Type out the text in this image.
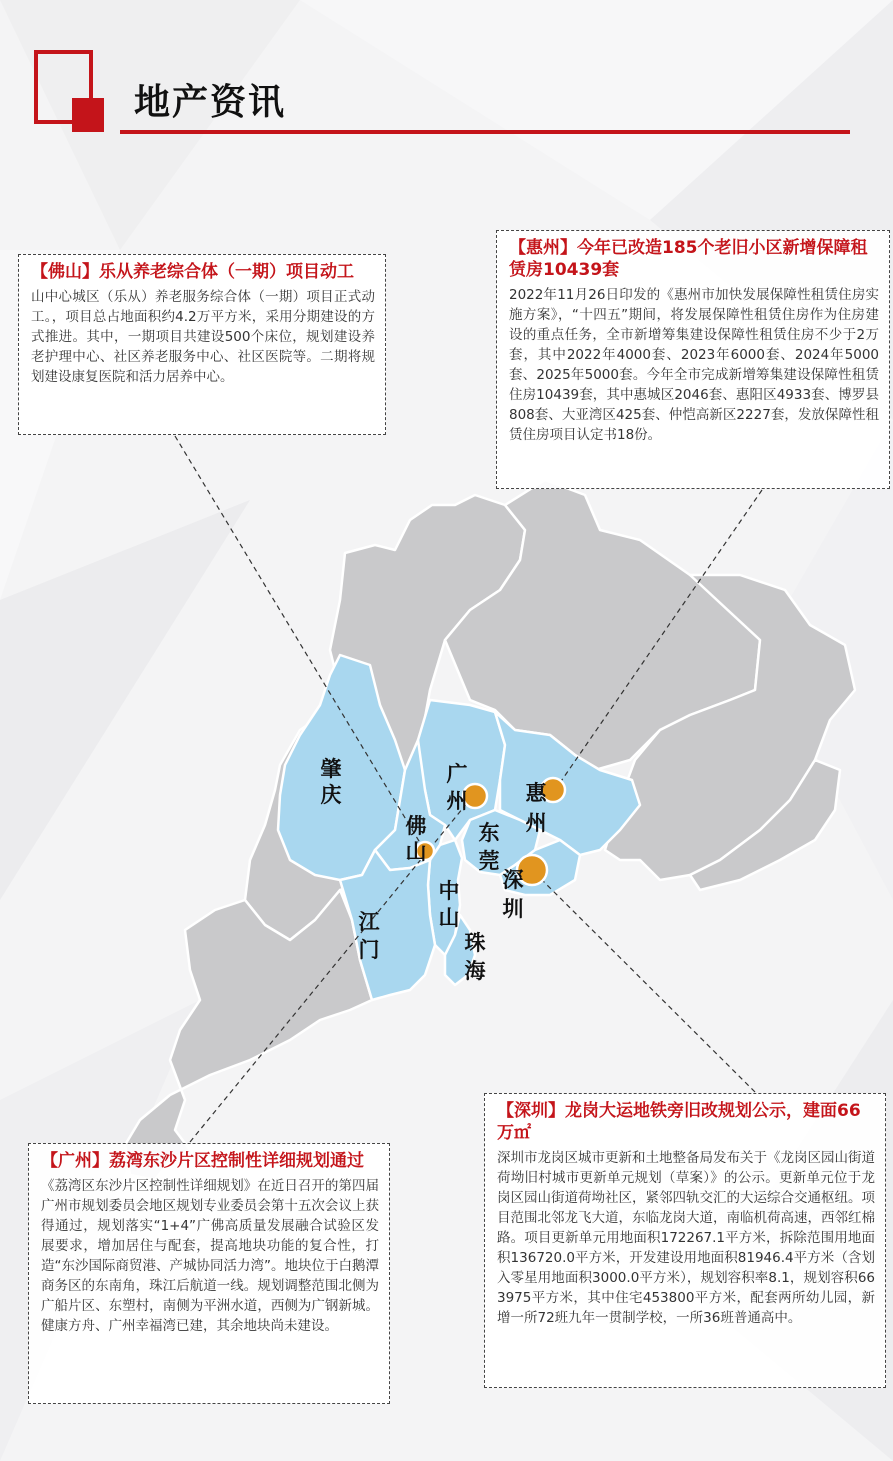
地产资讯
肇
庆
广
州	惠
州
佛
山
东
莞
深
圳
中
山
江
门	珠
海
【佛山】乐从养老综合体（一期）项目动工

山中心城区（乐从）养老服务综合体（一期）项目正式动工。，项目总占地面积约4.2万平方米，采用分期建设的方式推进。其中，一期项目共建设500个床位，规划建设养老护理中心、社区养老服务中心、社区医院等。二期将规划建设康复医院和活力居养中心。

【惠州】今年已改造185个老旧小区新增保障租赁房10439套

2022年11月26日印发的《惠州市加快发展保障性租赁住房实施方案》，“十四五”期间，将发展保障性租赁住房作为住房建设的重点任务，全市新增筹集建设保障性租赁住房不少于2万套，其中2022年4000套、2023年6000套、2024年5000套、2025年5000套。今年全市完成新增筹集建设保障性租赁住房10439套，其中惠城区2046套、惠阳区4933套、博罗县808套、大亚湾区425套、仲恺高新区2227套，发放保障性租赁住房项目认定书18份。

【广州】荔湾东沙片区控制性详细规划通过

《荔湾区东沙片区控制性详细规划》在近日召开的第四届广州市规划委员会地区规划专业委员会第十五次会议上获得通过，规划落实“1+4”广佛高质量发展融合试验区发展要求，增加居住与配套，提高地块功能的复合性，打造“东沙国际商贸港、产城协同活力湾”。地块位于白鹅潭商务区的东南角，珠江后航道一线。规划调整范围北侧为广船片区、东塑村，南侧为平洲水道，西侧为广钢新城。健康方舟、广州幸福湾已建，其余地块尚未建设。

【深圳】龙岗大运地铁旁旧改规划公示，建面66万㎡

深圳市龙岗区城市更新和土地整备局发布关于《龙岗区园山街道荷坳旧村城市更新单元规划（草案）》的公示。更新单元位于龙岗区园山街道荷坳社区，紧邻四轨交汇的大运综合交通枢纽。项目范围北邻龙飞大道，东临龙岗大道，南临机荷高速，西邻红棉路。项目更新单元用地面积172267.1平方米，拆除范围用地面积136720.0平方米，开发建设用地面积81946.4平方米（含划入零星用地面积3000.0平方米），规划容积率8.1，规划容积663975平方米，其中住宅453800平方米，配套两所幼儿园，新增一所72班九年一贯制学校，一所36班普通高中。
